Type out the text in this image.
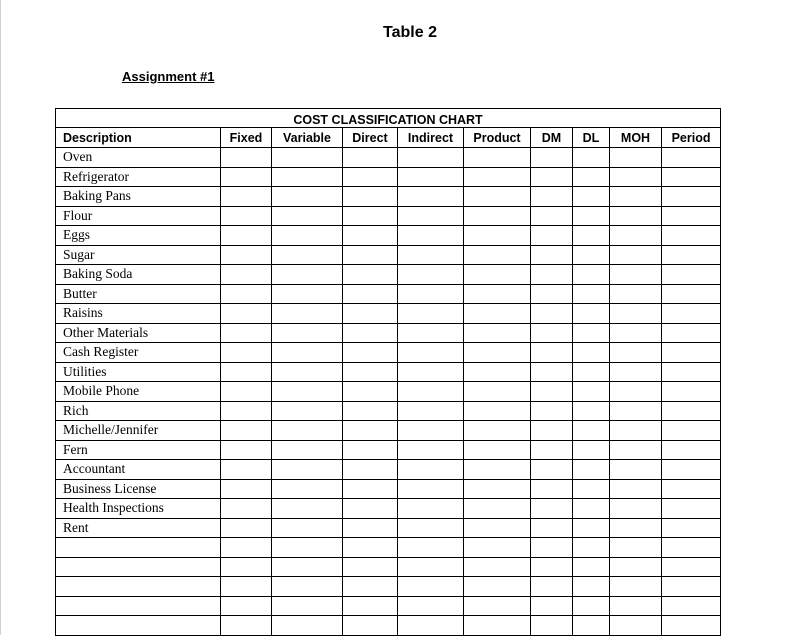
Table 2
Assignment #1
COST CLASSIFICATION CHART									
Description	Fixed	Variable	Direct	Indirect	Product	DM	DL	MOH	Period
Oven									
Refrigerator									
Baking Pans									
Flour									
Eggs									
Sugar									
Baking Soda									
Butter									
Raisins									
Other Materials									
Cash Register									
Utilities									
Mobile Phone									
Rich									
Michelle/Jennifer									
Fern									
Accountant									
Business License									
Health Inspections									
Rent									
